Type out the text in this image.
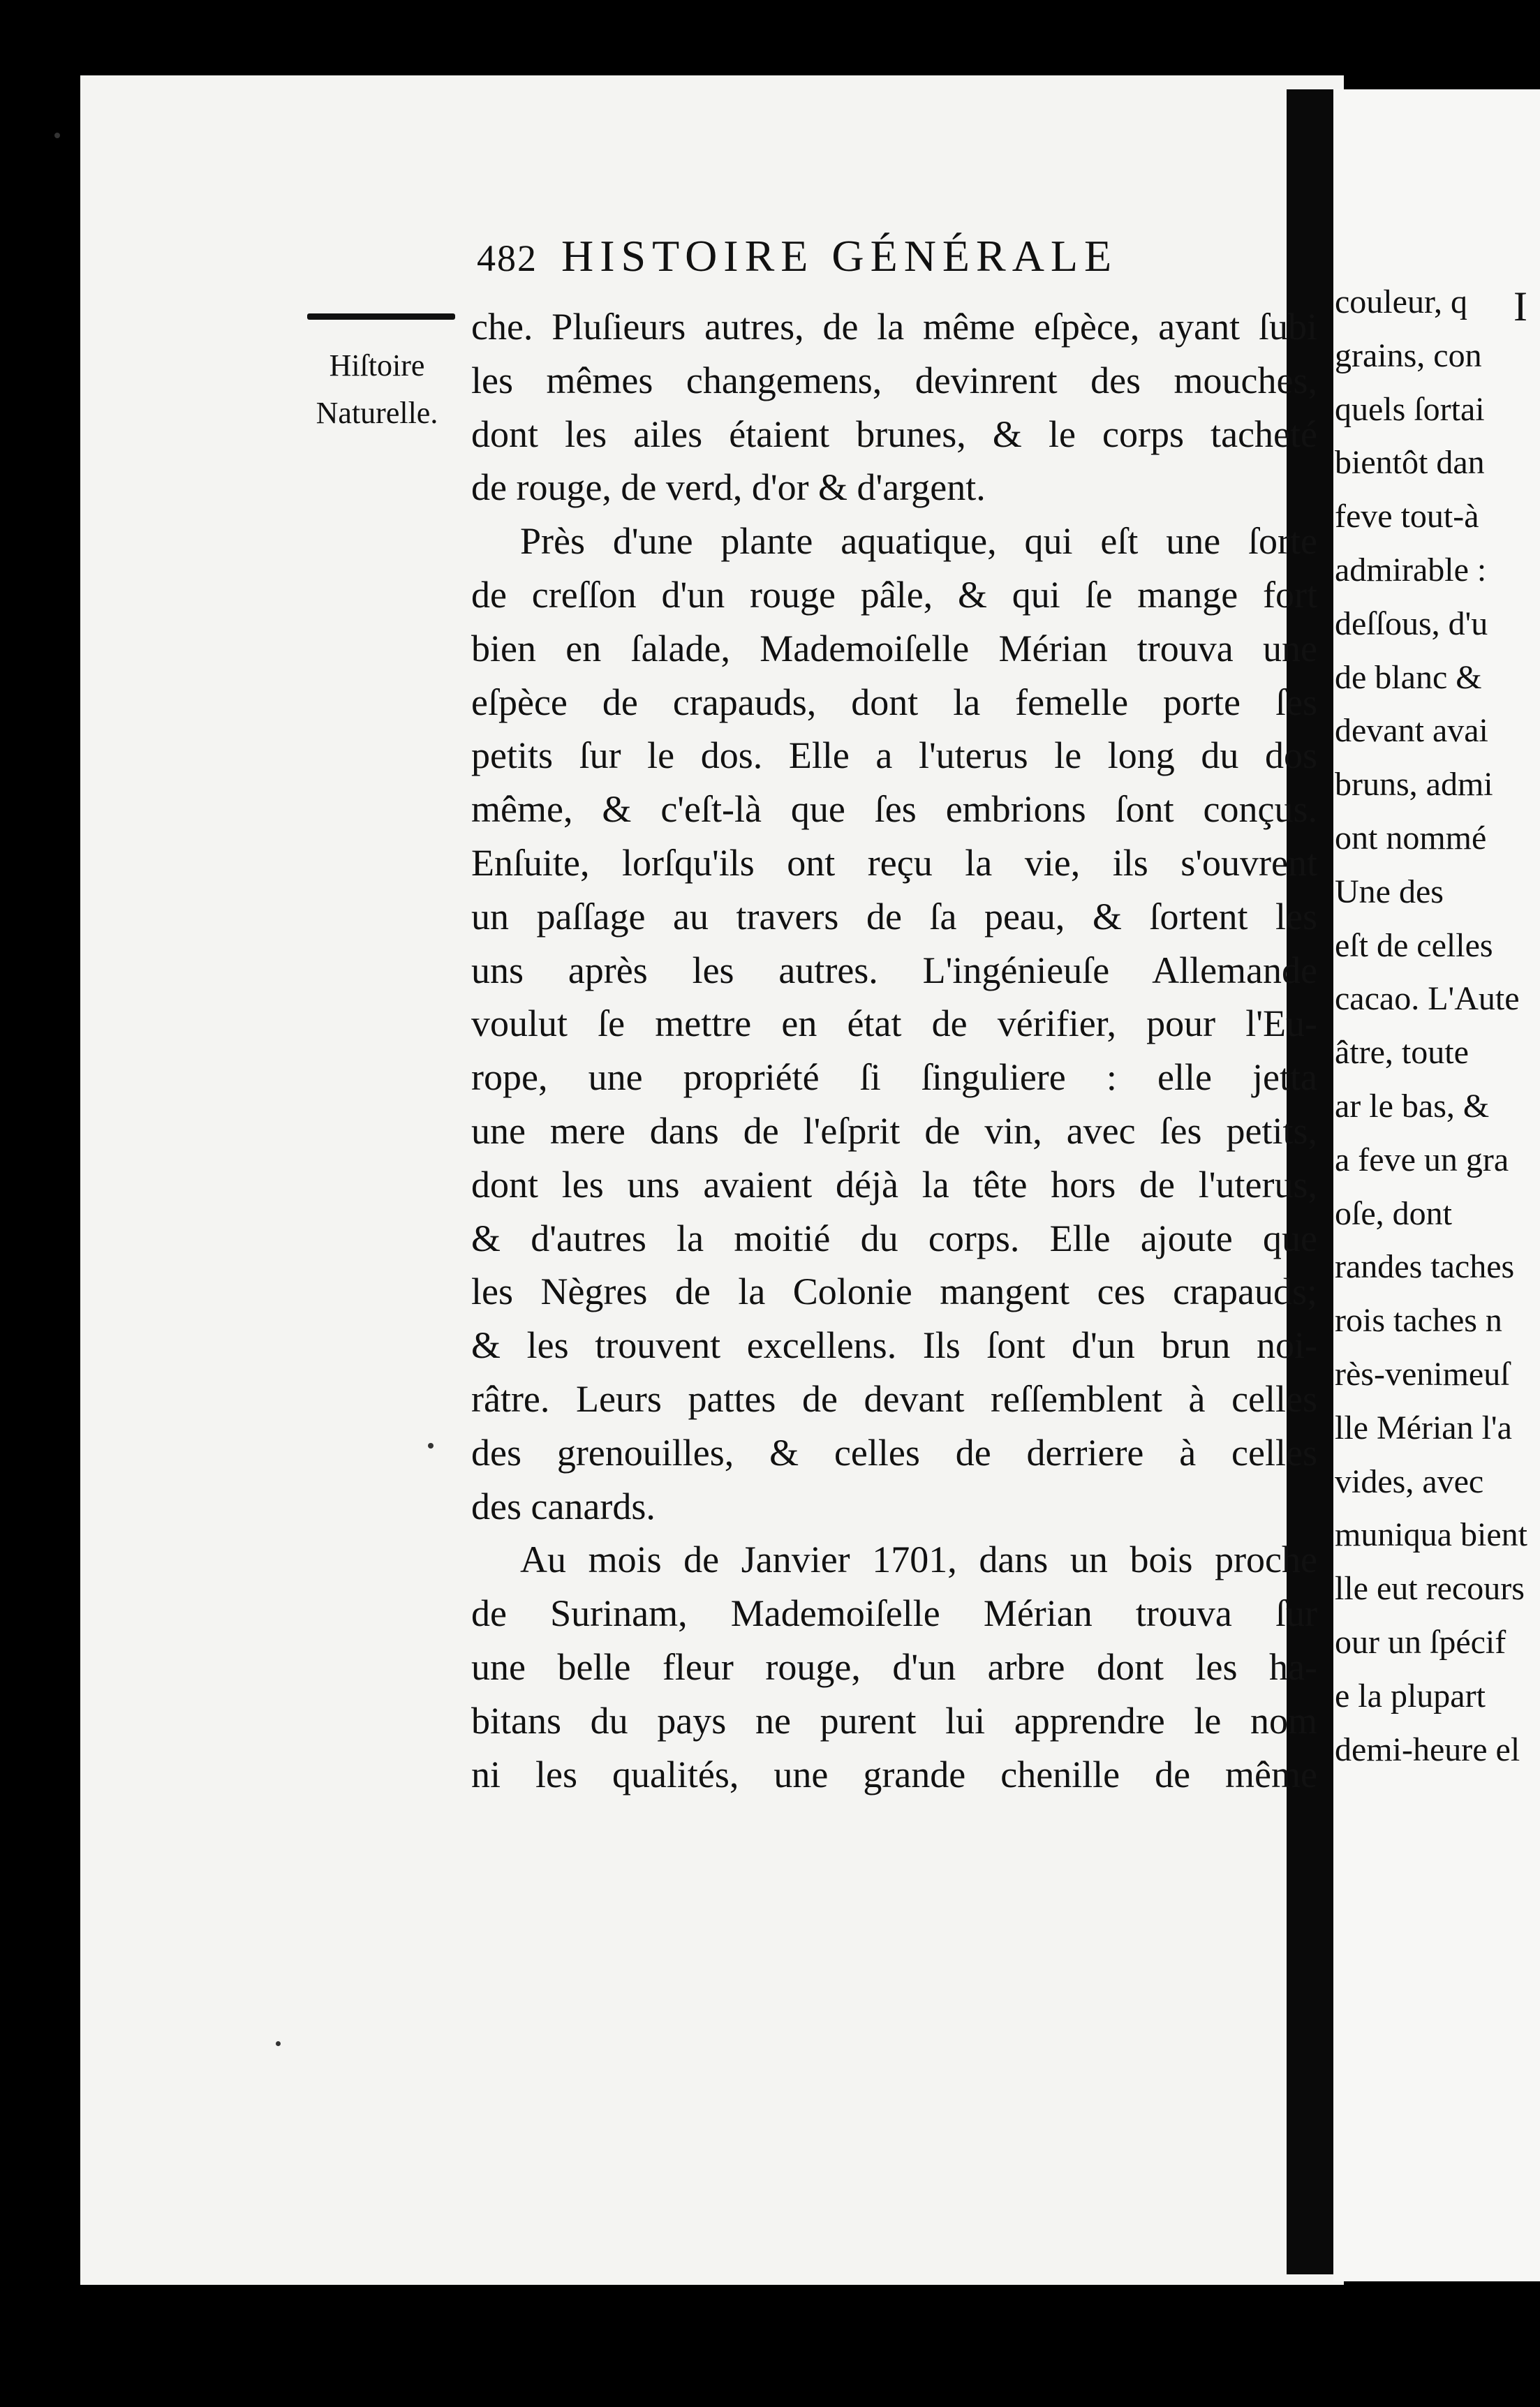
482 HISTOIRE GÉNÉRALE
Hiſtoire
Naturelle.
che. Pluſieurs autres, de la même eſpèce, ayant ſubi
les mêmes changemens, devinrent des mouches,
dont les ailes étaient brunes, & le corps tacheté
de rouge, de verd, d'or & d'argent.
Près d'une plante aquatique, qui eſt une ſorte
de creſſon d'un rouge pâle, & qui ſe mange fort
bien en ſalade, Mademoiſelle Mérian trouva une
eſpèce de crapauds, dont la femelle porte ſes
petits ſur le dos. Elle a l'uterus le long du dos
même, & c'eſt-là que ſes embrions ſont conçus.
Enſuite, lorſqu'ils ont reçu la vie, ils s'ouvrent
un paſſage au travers de ſa peau, & ſortent les
uns après les autres. L'ingénieuſe Allemande
voulut ſe mettre en état de vérifier, pour l'Eu-
rope, une propriété ſi ſinguliere : elle jetta
une mere dans de l'eſprit de vin, avec ſes petits,
dont les uns avaient déjà la tête hors de l'uterus,
& d'autres la moitié du corps. Elle ajoute que
les Nègres de la Colonie mangent ces crapauds;
& les trouvent excellens. Ils ſont d'un brun noi-
râtre. Leurs pattes de devant reſſemblent à celles
des grenouilles, & celles de derriere à celles
des canards.
Au mois de Janvier 1701, dans un bois proche
de Surinam, Mademoiſelle Mérian trouva ſur
une belle fleur rouge, d'un arbre dont les ha-
bitans du pays ne purent lui apprendre le nom
ni les qualités, une grande chenille de même
I
couleur, q
grains, con
quels ſortai
bientôt dan
feve tout-à
admirable :
deſſous, d'u
de blanc &
devant avai
bruns, admi
ont nommé
Une des
eſt de celles
cacao. L'Aute
âtre, toute
ar le bas, &
a feve un gra
oſe, dont
randes taches
rois taches n
rès-venimeuſ
lle Mérian l'a
vides, avec
muniqua bient
lle eut recours
our un ſpécif
e la plupart
demi-heure el
